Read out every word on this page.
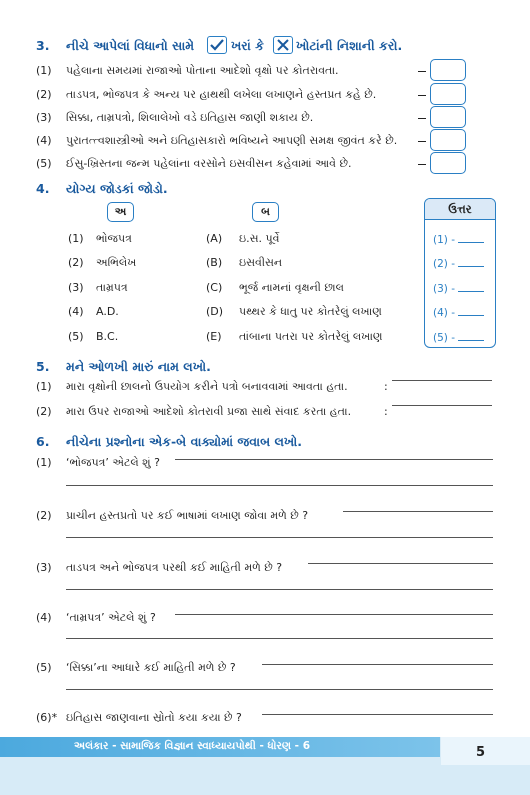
3. નીચે આપેલાં વિધાનો સામે	ખરાં કે	ખોટાંની નિશાની કરો.
(1) પહેલાના સમયમાં રાજાઓ પોતાના આદેશો વૃક્ષો પર કોતરાવતા.
(2) તાડપત્ર, ભોજપત્ર કે અન્ય પર હાથથી લખેલા લખાણને હસ્તપ્રત કહે છે.
(3) સિક્કા, તામ્રપત્રો, શિલાલેખો વડે ઇતિહાસ જાણી શકાય છે.
(4) પુરાતત્ત્વશાસ્ત્રીઓ અને ઇતિહાસકારો ભવિષ્યને આપણી સમક્ષ જીવંત કરે છે.
(5) ઈસુ-ખ્રિસ્તના જન્મ પહેલાંના વરસોને ઇસવીસન કહેવામાં આવે છે.
4. યોગ્ય જોડકાં જોડો.
અ	બ	ઉત્તર
(1) ભોજપત્ર	(A) ઇ.સ. પૂર્વે	(1) -
(2) અભિલેખ	(B) ઇસવીસન	(2) -
(3) તામ્રપત્ર	(C) ભૂર્જ નામનાં વૃક્ષની છાલ	(3) -
(4) A.D.	(D) પથ્થર કે ધાતુ પર કોતરેલું લખાણ	(4) -
(5) B.C.	(E) તાંબાના પતરા પર કોતરેલું લખાણ	(5) -
5. મને ઓળખી મારું નામ લખો.
(1) મારા વૃક્ષોની છાલનો ઉપયોગ કરીને પત્રો બનાવવામાં આવતા હતા.	:
(2) મારા ઉપર રાજાઓ આદેશો કોતરાવી પ્રજા સાથે સંવાદ કરતા હતા.	:
6. નીચેના પ્રશ્નોના એક-બે વાક્યોમાં જવાબ લખો.
(1) ‘ભોજપત્ર’ એટલે શું ?
(2) પ્રાચીન હસ્તપ્રતો પર કઈ ભાષામાં લખાણ જોવા મળે છે ?
(3) તાડપત્ર અને ભોજપત્ર પરથી કઈ માહિતી મળે છે ?
(4) ‘તામ્રપત્ર’ એટલે શું ?
(5) ‘સિક્કા’ના આધારે કઈ માહિતી મળે છે ?
(6)* ઇતિહાસ જાણવાના સ્રોતો કયા કયા છે ?
અલંકાર - સામાજિક વિજ્ઞાન સ્વાધ્યાયપોથી - ધોરણ - 6	5
